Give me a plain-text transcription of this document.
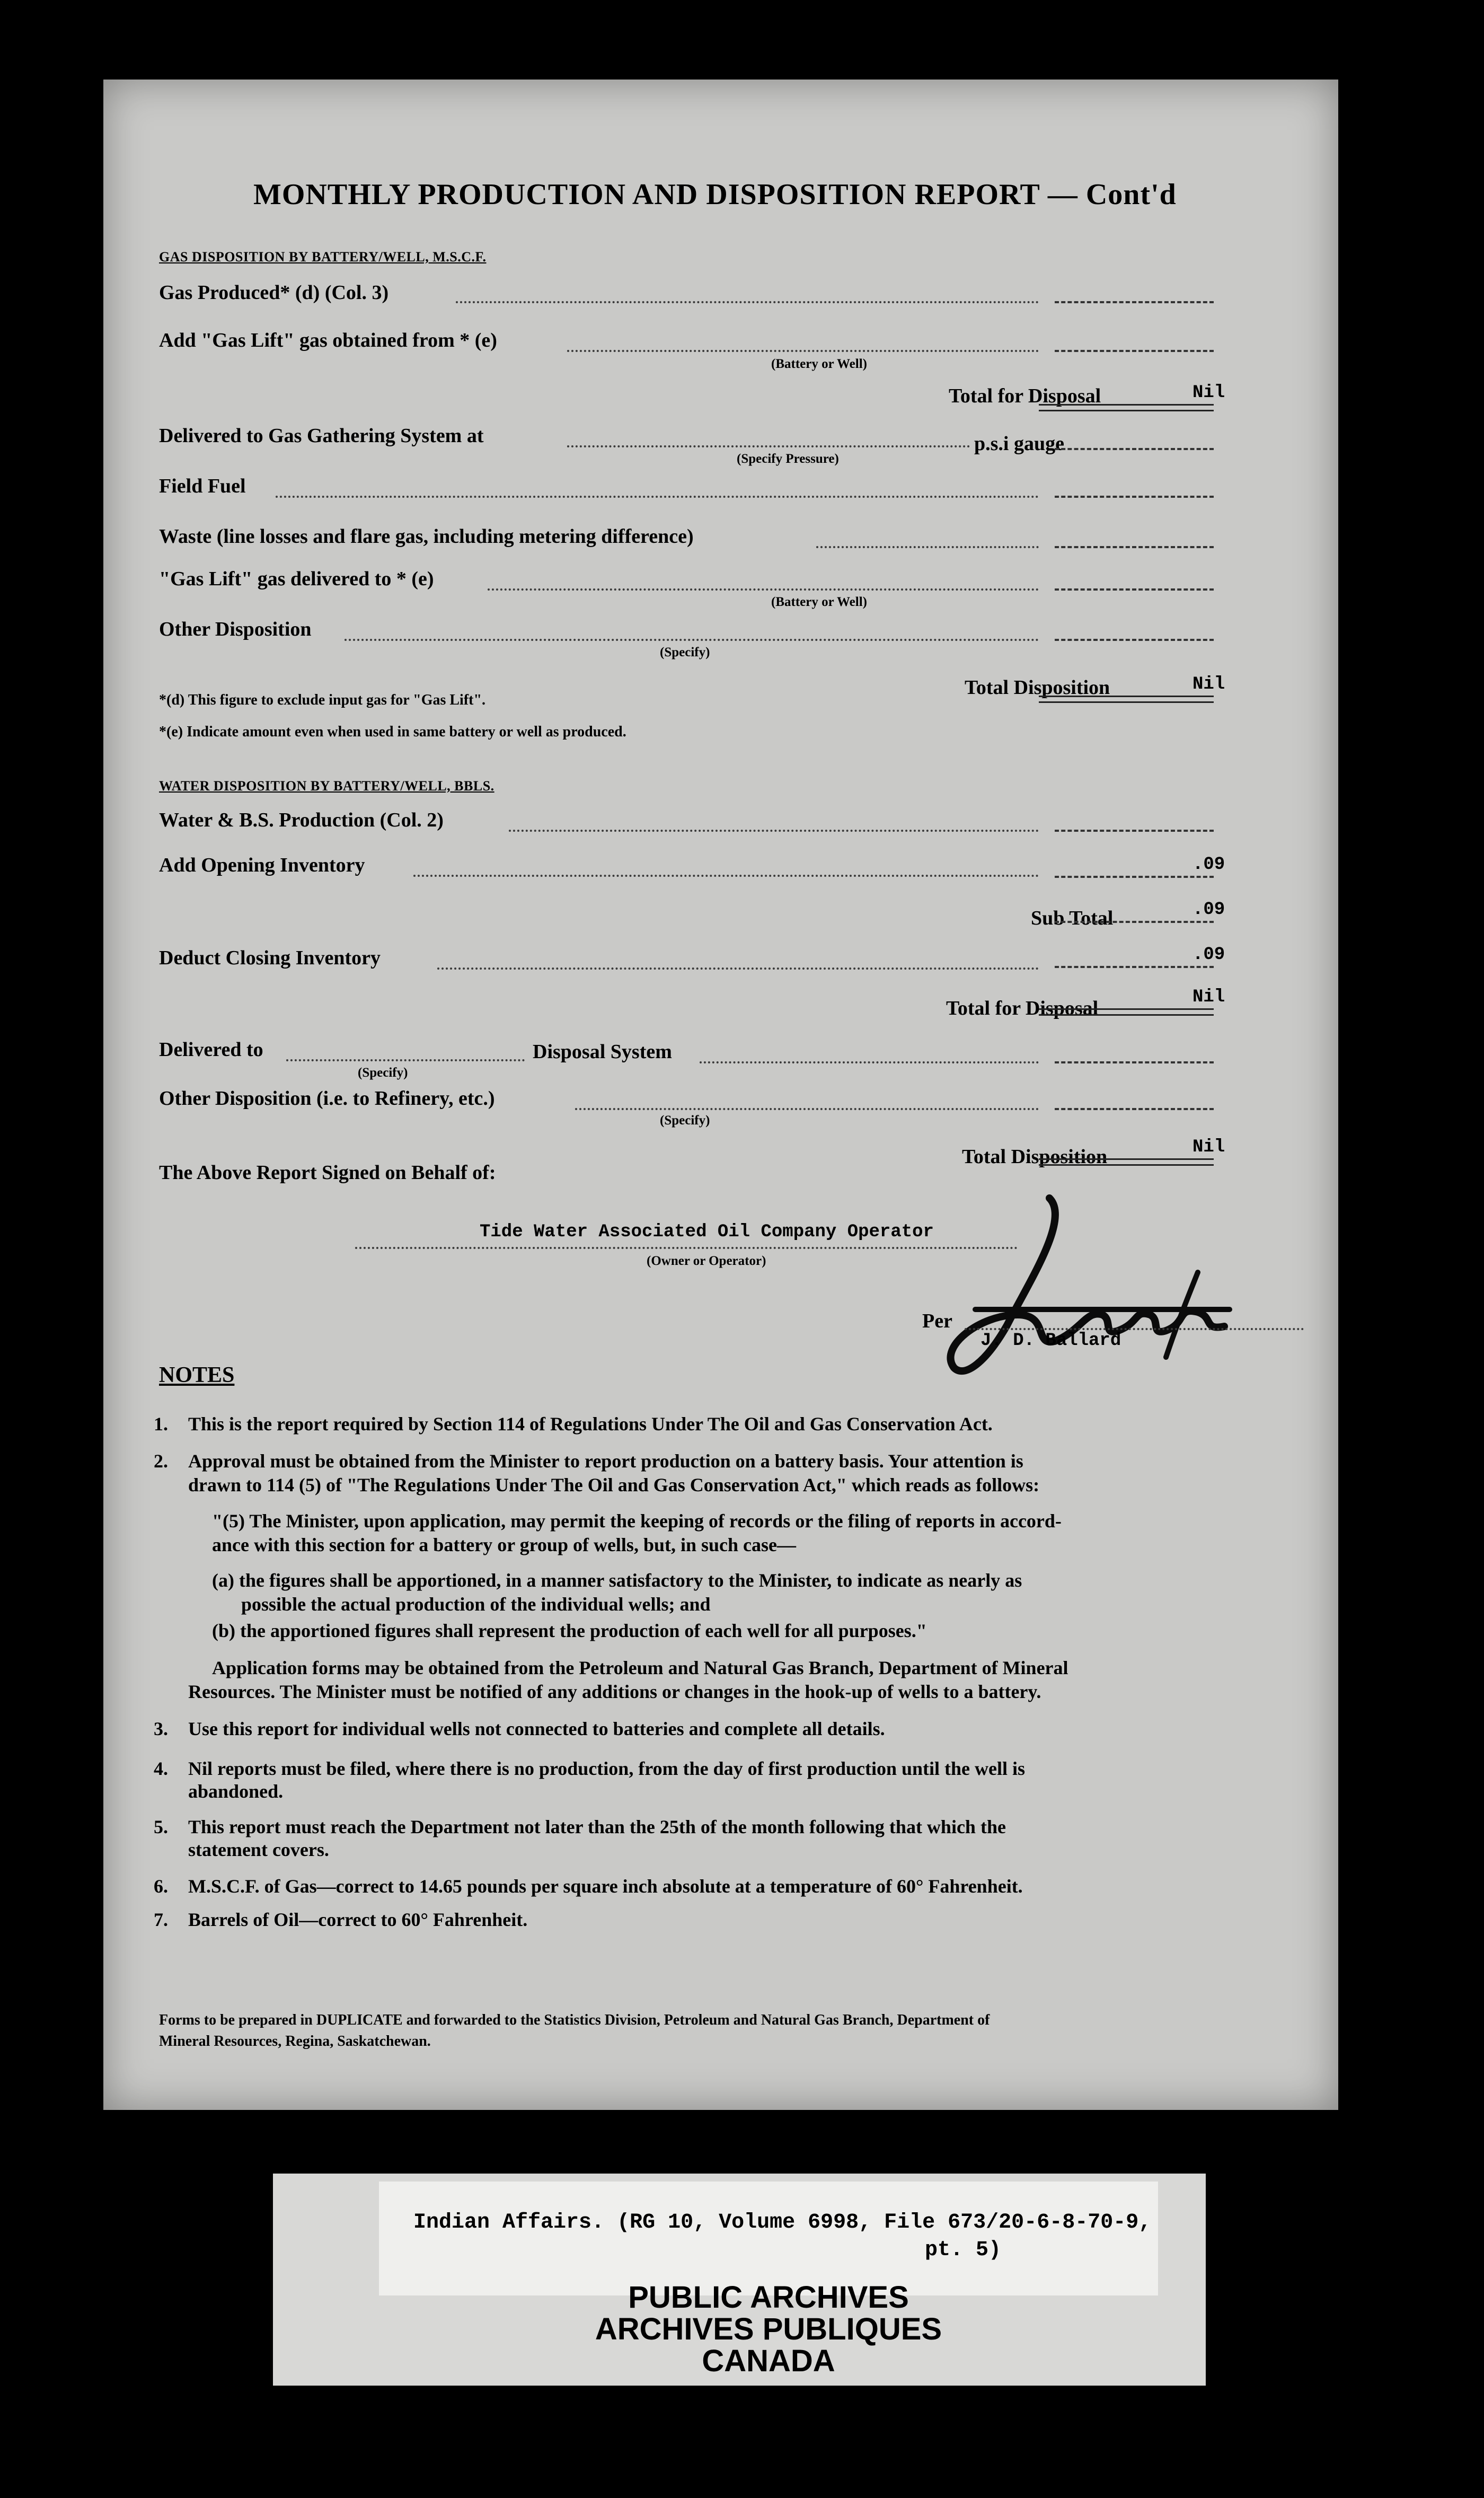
MONTHLY PRODUCTION AND DISPOSITION REPORT — Cont'd
GAS DISPOSITION BY BATTERY/WELL, M.S.C.F.
Gas Produced* (d) (Col. 3)
Add "Gas Lift" gas obtained from * (e)
(Battery or Well)
Total for Disposal	Nil
Delivered to Gas Gathering System at	p.s.i gauge
(Specify Pressure)
Field Fuel
Waste (line losses and flare gas, including metering difference)
"Gas Lift" gas delivered to * (e)
(Battery or Well)
Other Disposition
(Specify)
Total Disposition	Nil
*(d) This figure to exclude input gas for "Gas Lift".
*(e) Indicate amount even when used in same battery or well as produced.
WATER DISPOSITION BY BATTERY/WELL, BBLS.
Water & B.S. Production (Col. 2)
Add Opening Inventory	.09
Sub Total	.09
Deduct Closing Inventory	.09
Total for Disposal	Nil
Delivered to	Disposal System
(Specify)
Other Disposition (i.e. to Refinery, etc.)
(Specify)
Total Disposition	Nil
The Above Report Signed on Behalf of:
Tide Water Associated Oil Company Operator
(Owner or Operator)
Per
J. D. Ballard
NOTES
1. This is the report required by Section 114 of Regulations Under The Oil and Gas Conservation Act.
2. Approval must be obtained from the Minister to report production on a battery basis. Your attention is
drawn to 114 (5) of "The Regulations Under The Oil and Gas Conservation Act," which reads as follows:
"(5) The Minister, upon application, may permit the keeping of records or the filing of reports in accord-
ance with this section for a battery or group of wells, but, in such case—
(a) the figures shall be apportioned, in a manner satisfactory to the Minister, to indicate as nearly as
possible the actual production of the individual wells; and
(b) the apportioned figures shall represent the production of each well for all purposes."
Application forms may be obtained from the Petroleum and Natural Gas Branch, Department of Mineral
Resources. The Minister must be notified of any additions or changes in the hook-up of wells to a battery.
3. Use this report for individual wells not connected to batteries and complete all details.
4. Nil reports must be filed, where there is no production, from the day of first production until the well is
abandoned.
5. This report must reach the Department not later than the 25th of the month following that which the
statement covers.
6. M.S.C.F. of Gas—correct to 14.65 pounds per square inch absolute at a temperature of 60° Fahrenheit.
7. Barrels of Oil—correct to 60° Fahrenheit.
Forms to be prepared in DUPLICATE and forwarded to the Statistics Division, Petroleum and Natural Gas Branch, Department of
Mineral Resources, Regina, Saskatchewan.
Indian Affairs. (RG 10, Volume 6998, File 673/20-6-8-70-9,
pt. 5)
PUBLIC ARCHIVES
ARCHIVES PUBLIQUES
CANADA
